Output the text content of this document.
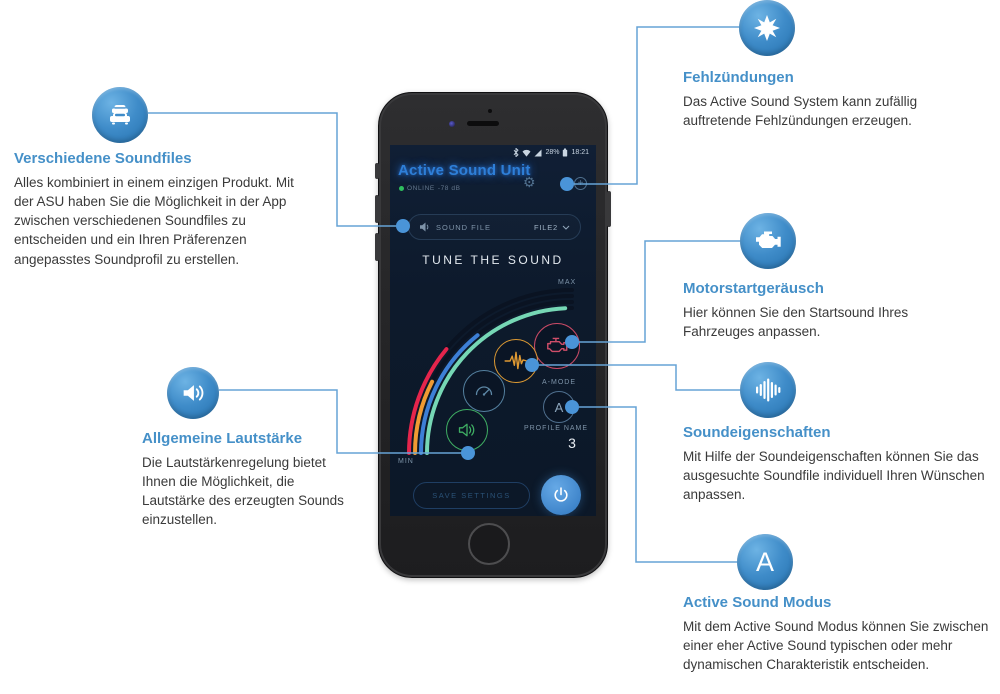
Verschiedene Soundfiles

Alles kombiniert in einem einzigen Produkt. Mit der ASU haben Sie die Möglichkeit in der App zwischen verschiedenen Soundfiles zu entscheiden und ein Ihren Präferenzen angepasstes Soundprofil zu erstellen.

Fehlzündungen

Das Active Sound System kann zufällig auftretende Fehlzündungen erzeugen.

Motorstartgeräusch

Hier können Sie den Startsound Ihres Fahrzeuges anpassen.

Soundeigenschaften

Mit Hilfe der Soundeigenschaften können Sie das ausgesuchte Soundfile individuell Ihren Wünschen anpassen.

Allgemeine Lautstärke

Die Lautstärkenregelung bietet Ihnen die Möglichkeit, die Lautstärke des erzeugten Sounds einzustellen.

A
Active Sound Modus

Mit dem Active Sound Modus können Sie zwischen einer eher Active Sound typischen oder mehr dynamischen Charakteristik entscheiden.

28% 18:21
Active Sound Unit
ONLINE -78 dB	⚙	+
SOUND FILE	FILE2
TUNE THE SOUND
MAX
MIN
A
A-MODE
PROFILE NAME
3
SAVE SETTINGS
